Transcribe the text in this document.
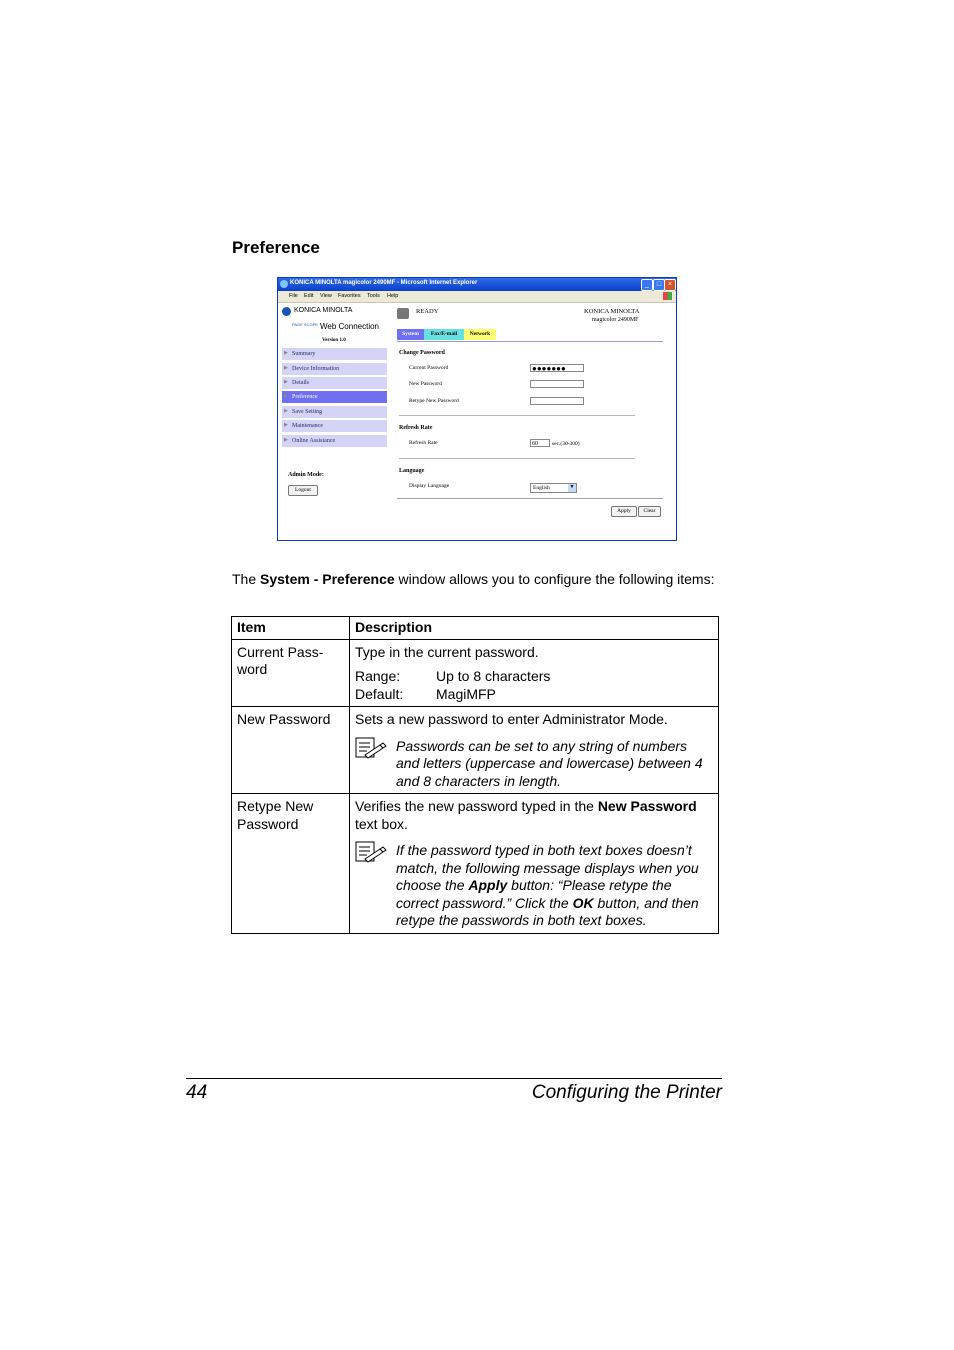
Preference
KONICA MINOLTA magicolor 2490MF - Microsoft Internet Explorer	_	□ ×
File Edit View Favorites Tools Help
KONICA MINOLTA
PAGE SCOPE Web Connection
Version 1.0
▶ Summary
▶ Device Information
▶ Details
▶ Preference
▶ Save Setting
▶ Maintenance
▶ Online Assistance
Admin Mode:
Logout
READY	KONICA MINOLTA
magicolor 2490MF
System	Fax/E-mail	Network
Change Password
Current Password	●●●●●●●
New Password
Retype New Password
Refresh Rate
Refresh Rate	60	sec.(30-300)
Language
Display Language	English	▼
Apply	Clear
The System - Preference window allows you to configure the following items:
Item	Description
Current Pass-word	Type in the current password.
Range: Up to 8 characters
Default: MagiMFP

New Password	Sets a new password to enter Administrator Mode.
Passwords can be set to any string of numbers and letters (uppercase and lowercase) between 4 and 8 characters in length.

Retype New Password	Verifies the new password typed in the New Password text box.
If the password typed in both text boxes doesn’t match, the following message displays when you choose the Apply button: “Please retype the correct password.” Click the OK button, and then retype the passwords in both text boxes.
44	Configuring the Printer
